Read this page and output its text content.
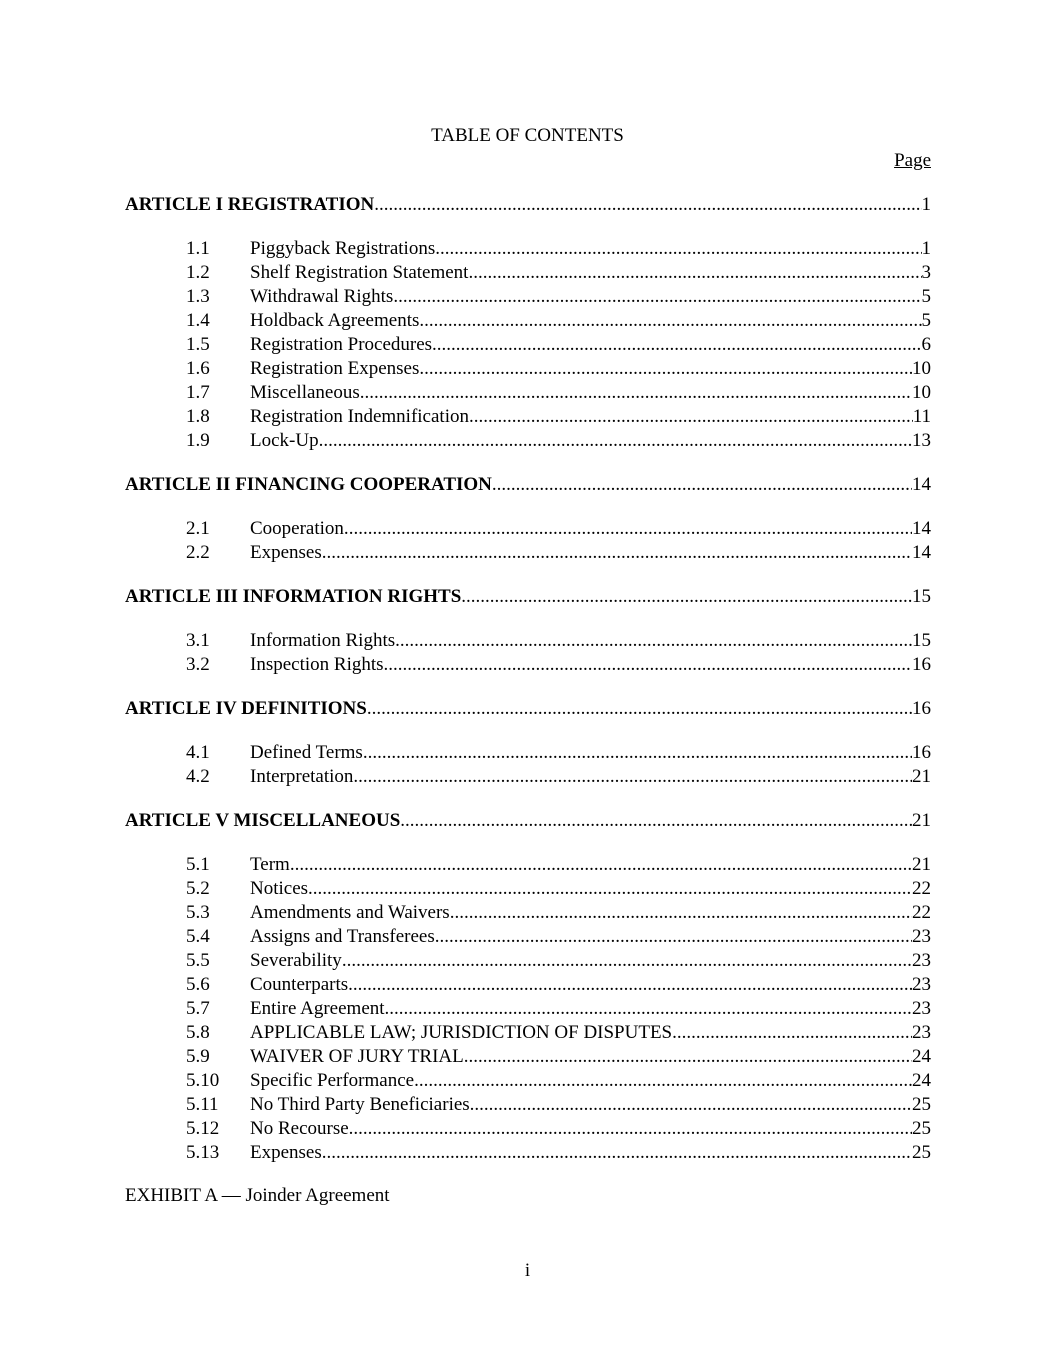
TABLE OF CONTENTS
Page
ARTICLE I REGISTRATION .....	1
1.1	Piggyback Registrations .....	1
1.2	Shelf Registration Statement .....	3
1.3	Withdrawal Rights .....	5
1.4	Holdback Agreements .....	5
1.5	Registration Procedures .....	6
1.6	Registration Expenses .....	10
1.7	Miscellaneous .....	10
1.8	Registration Indemnification .....	11
1.9	Lock-Up .....	13
ARTICLE II FINANCING COOPERATION .....	14
2.1	Cooperation. .....	14
2.2	Expenses .....	14
ARTICLE III INFORMATION RIGHTS .....	15
3.1	Information Rights .....	15
3.2	Inspection Rights .....	16
ARTICLE IV DEFINITIONS .....	16
4.1	Defined Terms .....	16
4.2	Interpretation .....	21
ARTICLE V MISCELLANEOUS .....	21
5.1	Term .....	21
5.2	Notices .....	22
5.3	Amendments and Waivers .....	22
5.4	Assigns and Transferees .....	23
5.5	Severability .....	23
5.6	Counterparts .....	23
5.7	Entire Agreement .....	23
5.8	APPLICABLE LAW; JURISDICTION OF DISPUTES .....	23
5.9	WAIVER OF JURY TRIAL .....	24
5.10	Specific Performance .....	24
5.11	No Third Party Beneficiaries .....	25
5.12	No Recourse .....	25
5.13	Expenses .....	25
EXHIBIT A — Joinder Agreement
i
